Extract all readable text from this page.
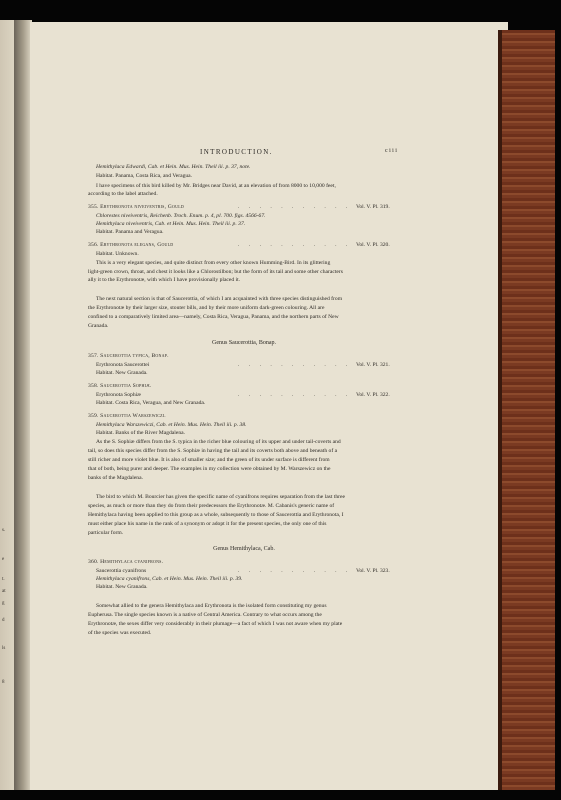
s.
e
t.
at
g
d
ls
8
INTRODUCTION.	ciii
Hemithylaca Edwardi, Cab. et Hein. Mus. Hein. Theil iii. p. 37, note.
Habitat. Panama, Costa Rica, and Veragua.
I have specimens of this bird killed by Mr. Bridges near David, at an elevation of from 8000 to 10,000 feet,
according to the label attached.
355. Erythronota niveiventris, Gould
Chlorestes niveiventris, Reichenb. Troch. Enum. p. 4, pl. 700. figs. 4566-67.
Hemithylaca niveiventris, Cab. et Hein. Mus. Hein. Theil iii. p. 37.
Habitat. Panama and Veragua.
356. Erythronota elegans, Gould
Habitat. Unknown.
This is a very elegant species, and quite distinct from every other known Humming-Bird. In its glittering
light-green crown, throat, and chest it looks like a Chlorostilbon; but the form of its tail and some other characters
ally it to the Erythronotæ, with which I have provisionally placed it.
The next natural section is that of Saucerottia, of which I am acquainted with three species distinguished from
the Erythronotæ by their larger size, stouter bills, and by their more uniform dark-green colouring. All are
confined to a comparatively limited area—namely, Costa Rica, Veragua, Panama, and the northern parts of New
Granada.
357. Saucerottia typica, Bonap.
Erythronota Saucerottei
Habitat. New Granada.
358. Saucerottia Sophiæ.
Erythronota Sophiæ
Habitat. Costa Rica, Veragua, and New Granada.
359. Saucerottia Warszewiczi.
Hemithylaca Warszewiczi, Cab. et Hein. Mus. Hein. Theil iii. p. 38.
Habitat. Banks of the River Magdalena.
As the S. Sophiæ differs from the S. typica in the richer blue colouring of its upper and under tail-coverts and
tail, so does this species differ from the S. Sophiæ in having the tail and its coverts both above and beneath of a
still richer and more violet blue. It is also of smaller size; and the green of its under surface is different from
that of both, being purer and deeper. The examples in my collection were obtained by M. Warszewicz on the
banks of the Magdalena.
The bird to which M. Bourcier has given the specific name of cyanifrons requires separation from the last three
species, as much or more than they do from their predecessors the Erythronotæ. M. Cabanis's generic name of
Hemithylaca having been applied to this group as a whole, subsequently to those of Saucerottia and Erythronota, I
must either place his name in the rank of a synonym or adopt it for the present species, the only one of this
particular form.
360. Hemithylaca cyanifrons.
Saucerottia cyanifrons
Hemithylaca cyanifrons, Cab. et Hein. Mus. Hein. Theil iii. p. 39.
Habitat. New Granada.
Somewhat allied to the genera Hemithylaca and Erythronota is the isolated form constituting my genus
Eupherusa. The single species known is a native of Central America. Contrary to what occurs among the
Erythronotæ, the sexes differ very considerably in their plumage—a fact of which I was not aware when my plate
of the species was executed.
Genus Saucerottia, Bonap.
Genus Hemithylaca, Cab.
. . . . . . . . . . . Vol. V. Pl. 319.
. . . . . . . . . . . Vol. V. Pl. 320.
. . . . . . . . . . . Vol. V. Pl. 321.
. . . . . . . . . . . Vol. V. Pl. 322.
. . . . . . . . . . . Vol. V. Pl. 323.
